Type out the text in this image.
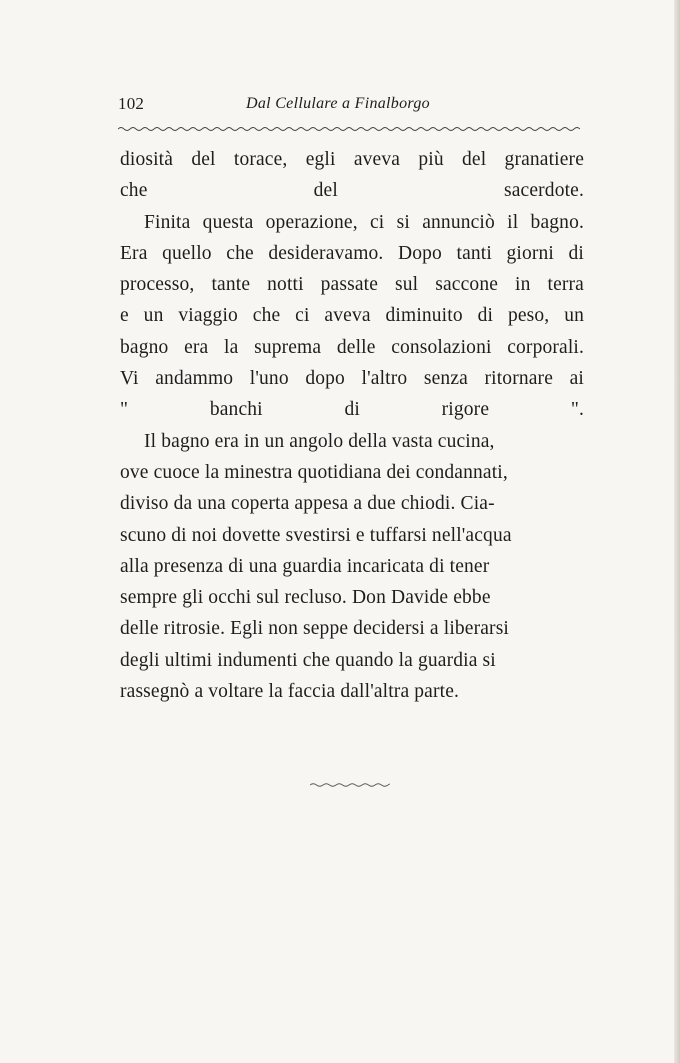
102	Dal Cellulare a Finalborgo

diosità del torace, egli aveva più del granatiere
che del sacerdote.

Finita questa operazione, ci si annunciò il bagno.
Era quello che desideravamo. Dopo tanti giorni di
processo, tante notti passate sul saccone in terra
e un viaggio che ci aveva diminuito di peso, un
bagno era la suprema delle consolazioni corporali.
Vi andammo l'uno dopo l'altro senza ritornare ai
" banchi di rigore ".

Il bagno era in un angolo della vasta cucina,
ove cuoce la minestra quotidiana dei condannati,
diviso da una coperta appesa a due chiodi. Cia-
scuno di noi dovette svestirsi e tuffarsi nell'acqua
alla presenza di una guardia incaricata di tener
sempre gli occhi sul recluso. Don Davide ebbe
delle ritrosie. Egli non seppe decidersi a liberarsi
degli ultimi indumenti che quando la guardia si
rassegnò a voltare la faccia dall'altra parte.
